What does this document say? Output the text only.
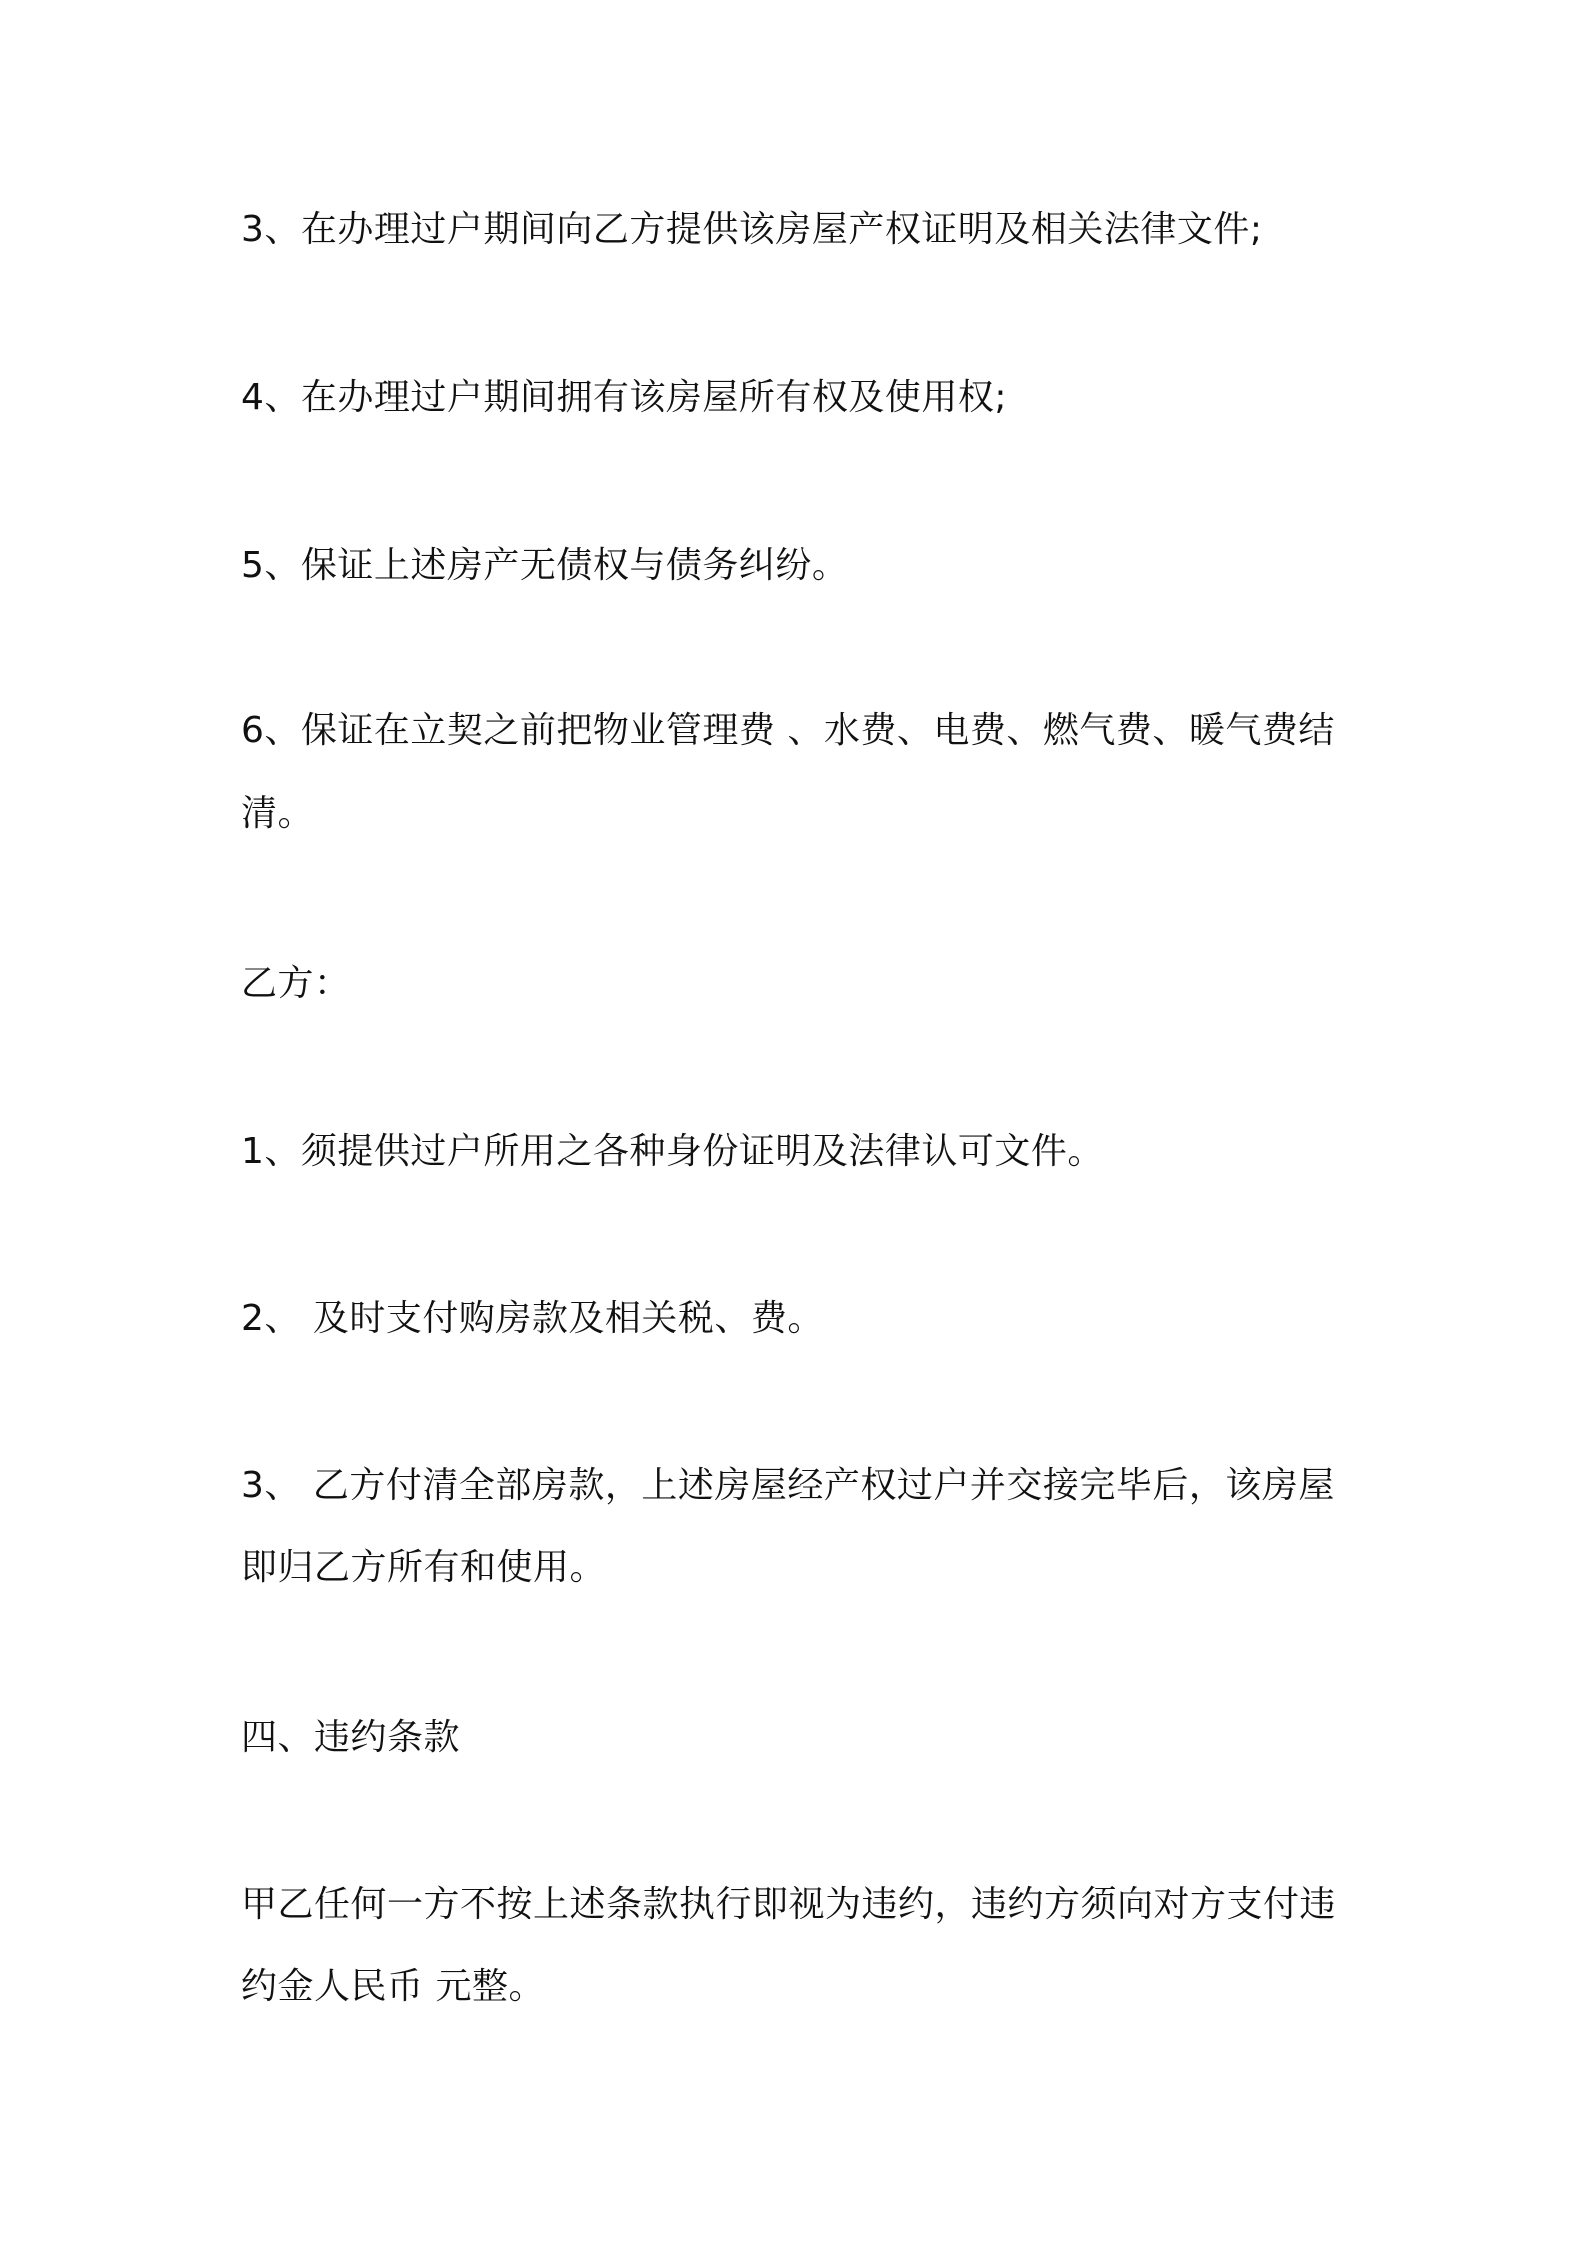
3、在办理过户期间向乙方提供该房屋产权证明及相关法律文件;

4、在办理过户期间拥有该房屋所有权及使用权;

5、保证上述房产无债权与债务纠纷。

6、保证在立契之前把物业管理费 、水费、电费、燃气费、暖气费结

清。

乙方：

1、须提供过户所用之各种身份证明及法律认可文件。

2、 及时支付购房款及相关税、费。

3、 乙方付清全部房款，上述房屋经产权过户并交接完毕后，该房屋

即归乙方所有和使用。

四、违约条款

甲乙任何一方不按上述条款执行即视为违约，违约方须向对方支付违

约金人民币 元整。
